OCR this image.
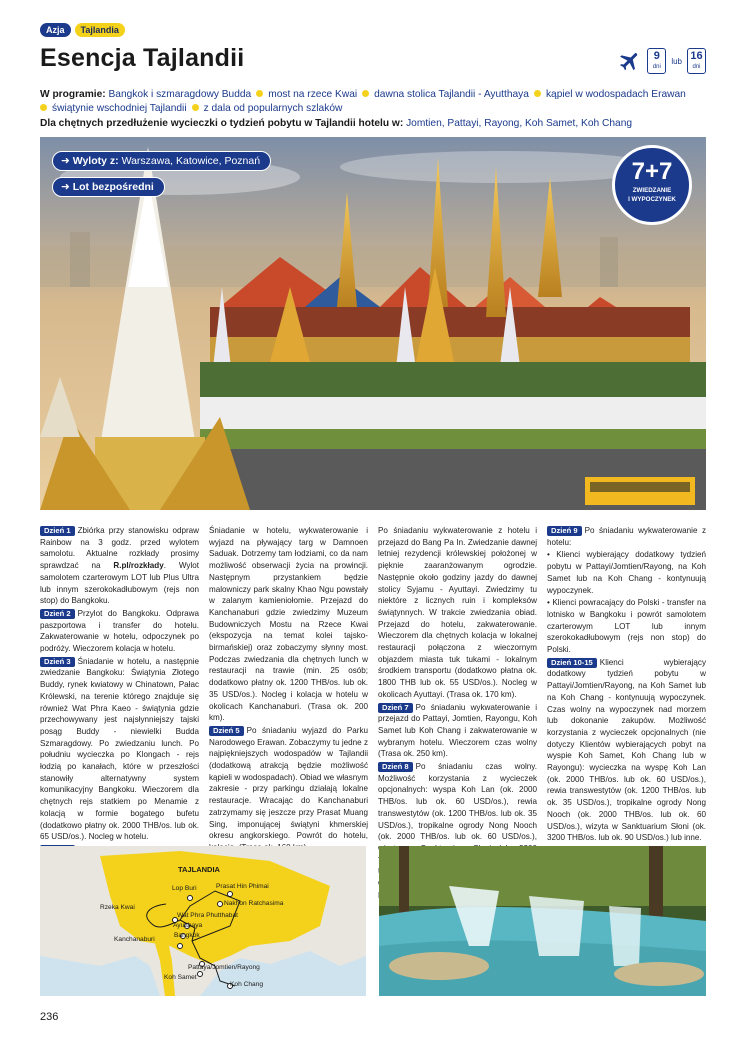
Azja	Tajlandia
Esencja Tajlandii	9
dni
lub 16
dni
W programie: Bangkok i szmaragdowy Budda most na rzece Kwai dawna stolica Tajlandii - Ayutthaya kąpiel w wodospadach Erawan
świątynie wschodniej Tajlandii z dala od popularnych szlaków
Dla chętnych przedłużenie wycieczki o tydzień pobytu w Tajlandii hotelu w: Jomtien, Pattayi, Rayong, Koh Samet, Koh Chang
➜ Wyloty z: Warszawa, Katowice, Poznań
➜ Lot bezpośredni
7+7
ZWIEDZANIE
I WYPOCZYNEK

Dzień 1 Zbiórka przy stanowisku odpraw Rainbow na 3 godz. przed wylotem samolotu. Aktualne rozkłady prosimy sprawdzać na R.pl/rozkłady. Wylot samolotem czarterowym LOT lub Plus Ultra lub innym szerokokadłubowym (rejs non stop) do Bangkoku.

Dzień 2 Przylot do Bangkoku. Odprawa paszportowa i transfer do hotelu. Zakwaterowanie w hotelu, odpoczynek po podróży. Wieczorem kolacja w hotelu.

Dzień 3 Śniadanie w hotelu, a następnie zwiedzanie Bangkoku: Świątynia Złotego Buddy, rynek kwiatowy w Chinatown, Pałac Królewski, na terenie którego znajduje się również Wat Phra Kaeo - świątynia gdzie przechowywany jest najsłynniejszy tajski posąg Buddy - niewielki Budda Szmaragdowy. Po zwiedzaniu lunch. Po południu wycieczka po Klongach - rejs łodzią po kanałach, które w przeszłości stanowiły alternatywny system komunikacyjny Bangkoku. Wieczorem dla chętnych rejs statkiem po Menamie z kolacją w formie bogatego bufetu (dodatkowo płatny ok. 2000 THB/os. lub ok. 65 USD/os.). Nocleg w hotelu.

Śniadanie w hotelu, wykwaterowanie i wyjazd na pływający targ w Damnoen Saduak. Dotrzemy tam łodziami, co da nam możliwość obserwacji życia na prowincji. Następnym przystankiem będzie malowniczy park skalny Khao Ngu powstały w zalanym kamieniołomie. Przejazd do Kanchanaburi gdzie zwiedzimy Muzeum Budowniczych Mostu na Rzece Kwai (ekspozycja na temat kolei tajsko-birmańskiej) oraz zobaczymy słynny most. Podczas zwiedzania dla chętnych lunch w restauracji na trawie (min. 25 osób; dodatkowo płatny ok. 1200 THB/os. lub ok. 35 USD/os.). Nocleg i kolacja w hotelu w okolicach Kanchanaburi. (Trasa ok. 200 km).

Dzień 5 Po śniadaniu wyjazd do Parku Narodowego Erawan. Zobaczymy tu jedne z najpiękniejszych wodospadów w Tajlandii (dodatkową atrakcją będzie możliwość kąpieli w wodospadach). Obiad we własnym zakresie - przy parkingu działają lokalne restauracje. Wracając do Kanchanaburi zatrzymamy się jeszcze przy Prasat Muang Sing, imponującej świątyni khmerskiej okresu angkorskiego. Powrót do hotelu,

Po śniadaniu wykwaterowanie z hotelu i przejazd do Bang Pa In. Zwiedzanie dawnej letniej rezydencji królewskiej położonej w pięknie zaaranżowanym ogrodzie. Następnie około godziny jazdy do dawnej stolicy Syjamu - Ayuttayi. Zwiedzimy tu niektóre z licznych ruin i kompleksów świątynnych. W trakcie zwiedzania obiad. Przejazd do hotelu, zakwaterowanie. Wieczorem dla chętnych kolacja w lokalnej restauracji połączona z wieczornym objazdem miasta tuk tukami - lokalnym środkiem transportu (dodatkowo płatna ok. 1800 THB lub ok. 55 USD/os.). Nocleg w okolicach Ayuttayi. (Trasa ok. 170 km).

Dzień 7 Po śniadaniu wykwaterowanie i przejazd do Pattayi, Jomtien, Rayongu, Koh Samet lub Koh Chang i zakwaterowanie w wybranym hotelu. Wieczorem czas wolny (Trasa ok. 250 km).

Dzień 8 Po śniadaniu czas wolny. Możliwość korzystania z wycieczek opcjonalnych: wyspa Koh Lan (ok. 2000 THB/os. lub ok. 60 USD/os.), rewia transwestytów (ok. 1200 THB/os. lub ok. 35 USD/os.), tropikalne ogrody Nong Nooch (ok. 2000 THB/os. lub ok. 60 USD/os.),

Dzień 9 Po śniadaniu wykwaterowanie z hotelu:

• Klienci wybierający dodatkowy tydzień pobytu w Pattayi/Jomtien/Rayong, na Koh Samet lub na Koh Chang - kontynuują wypoczynek.

• Klienci powracający do Polski - transfer na lotnisko w Bangkoku i powrót samolotem czarterowym LOT lub innym szerokokadłubowym (rejs non stop) do Polski.

Dzień 10-15 Klienci wybierający dodatkowy tydzień pobytu w Pattayi/Jomtien/Rayong, na Koh Samet lub na Koh Chang - kontynuują wypoczynek. Czas wolny na wypoczynek nad morzem lub dokonanie zakupów. Możliwość korzystania z wycieczek opcjonalnych (nie dotyczy Klientów wybierających pobyt na wyspie Koh Samet, Koh Chang lub w Rayongu): wycieczka na wyspę Koh Lan (ok. 2000 THB/os. lub ok. 60 USD/os.), rewia transwestytów (ok. 1200 THB/os. lub ok. 35 USD/os.), tropikalne ogrody Nong Nooch (ok. 2000 THB/os. lub ok. 60 USD/os.), wizyta w Sanktuarium Słoni (ok. 3200 THB/os. lub ok. 90 USD/os.) lub inne.

TAJLANDIA
Lop Buri	Prasat Hin Phimai
Nakhon Ratchasima
Rzeka Kwai
Wat Phra Phutthabat
Ayutthaya
Bangkok
Kanchanaburi
Pattaya/Jomtien/Rayong
Koh Samet
Koh Chang
236
